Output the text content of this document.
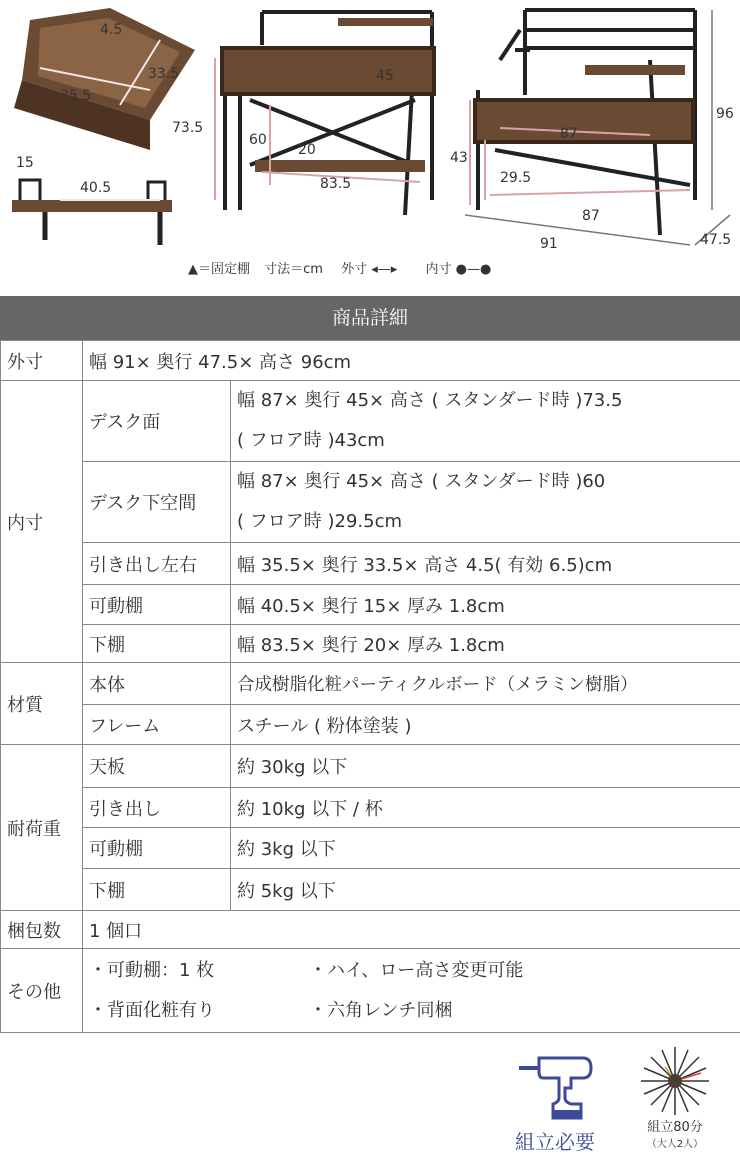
4.5
33.5
35.5
15
40.5
73.5
45
60
20
83.5
87
96
43
29.5
87
91	47.5
▲＝固定棚 寸法＝cm 外寸 ◂—▸ 内寸 ●—●
商品詳細
外寸	幅 91× 奥行 47.5× 高さ 96cm	
内寸	デスク面	幅 87× 奥行 45× 高さ ( スタンダード時 )73.5
( フロア時 )43cm

	デスク下空間	幅 87× 奥行 45× 高さ ( スタンダード時 )60
( フロア時 )29.5cm

	引き出し左右	幅 35.5× 奥行 33.5× 高さ 4.5( 有効 6.5)cm
	可動棚	幅 40.5× 奥行 15× 厚み 1.8cm
	下棚	幅 83.5× 奥行 20× 厚み 1.8cm
材質	本体	合成樹脂化粧パーティクルボード（メラミン樹脂）
	フレーム	スチール ( 粉体塗装 )
耐荷重	天板	約 30kg 以下
	引き出し	約 10kg 以下 / 杯
	可動棚	約 3kg 以下
	下棚	約 5kg 以下
梱包数	1 個口	
その他	・可動棚：1 枚 ・ハイ、ロー高さ変更可能
・背面化粧有り ・六角レンチ同梱	
組立必要
組立80分
（大人2人）
